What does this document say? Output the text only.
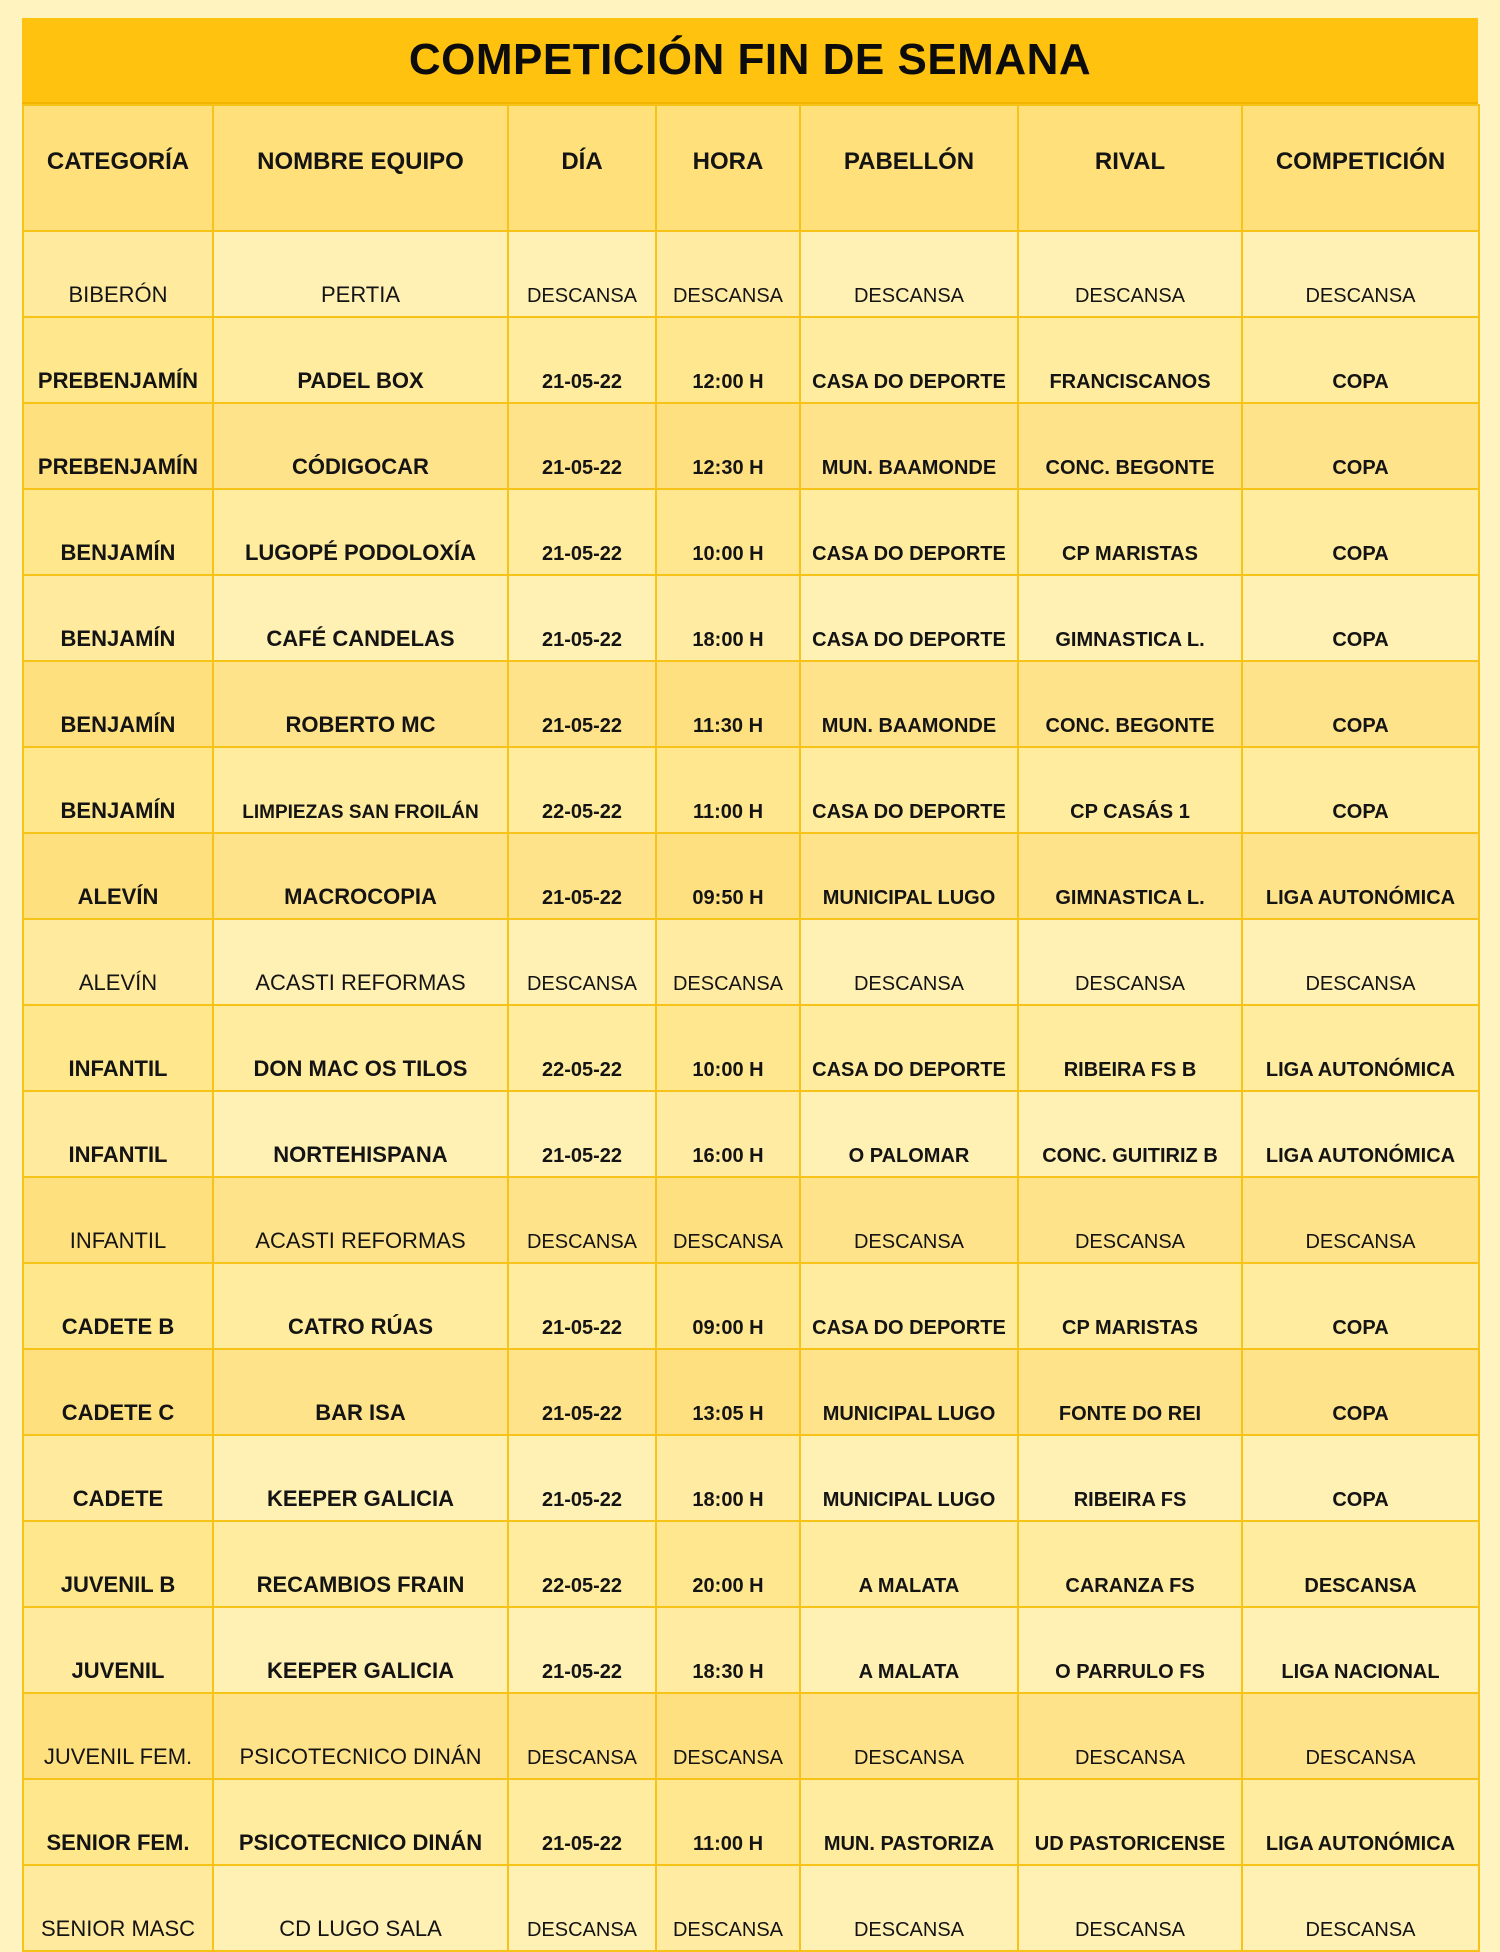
COMPETICIÓN FIN DE SEMANA
CATEGORÍA	NOMBRE EQUIPO	DÍA	HORA	PABELLÓN	RIVAL	COMPETICIÓN
BIBERÓN	PERTIA	DESCANSA	DESCANSA	DESCANSA	DESCANSA	DESCANSA
PREBENJAMÍN	PADEL BOX	21-05-22	12:00 H	CASA DO DEPORTE	FRANCISCANOS	COPA
PREBENJAMÍN	CÓDIGOCAR	21-05-22	12:30 H	MUN. BAAMONDE	CONC. BEGONTE	COPA
BENJAMÍN	LUGOPÉ PODOLOXÍA	21-05-22	10:00 H	CASA DO DEPORTE	CP MARISTAS	COPA
BENJAMÍN	CAFÉ CANDELAS	21-05-22	18:00 H	CASA DO DEPORTE	GIMNASTICA L.	COPA
BENJAMÍN	ROBERTO MC	21-05-22	11:30 H	MUN. BAAMONDE	CONC. BEGONTE	COPA
BENJAMÍN	LIMPIEZAS SAN FROILÁN	22-05-22	11:00 H	CASA DO DEPORTE	CP CASÁS 1	COPA
ALEVÍN	MACROCOPIA	21-05-22	09:50 H	MUNICIPAL LUGO	GIMNASTICA L.	LIGA AUTONÓMICA
ALEVÍN	ACASTI REFORMAS	DESCANSA	DESCANSA	DESCANSA	DESCANSA	DESCANSA
INFANTIL	DON MAC OS TILOS	22-05-22	10:00 H	CASA DO DEPORTE	RIBEIRA FS B	LIGA AUTONÓMICA
INFANTIL	NORTEHISPANA	21-05-22	16:00 H	O PALOMAR	CONC. GUITIRIZ B	LIGA AUTONÓMICA
INFANTIL	ACASTI REFORMAS	DESCANSA	DESCANSA	DESCANSA	DESCANSA	DESCANSA
CADETE B	CATRO RÚAS	21-05-22	09:00 H	CASA DO DEPORTE	CP MARISTAS	COPA
CADETE C	BAR ISA	21-05-22	13:05 H	MUNICIPAL LUGO	FONTE DO REI	COPA
CADETE	KEEPER GALICIA	21-05-22	18:00 H	MUNICIPAL LUGO	RIBEIRA FS	COPA
JUVENIL B	RECAMBIOS FRAIN	22-05-22	20:00 H	A MALATA	CARANZA FS	DESCANSA
JUVENIL	KEEPER GALICIA	21-05-22	18:30 H	A MALATA	O PARRULO FS	LIGA NACIONAL
JUVENIL FEM.	PSICOTECNICO DINÁN	DESCANSA	DESCANSA	DESCANSA	DESCANSA	DESCANSA
SENIOR FEM.	PSICOTECNICO DINÁN	21-05-22	11:00 H	MUN. PASTORIZA	UD PASTORICENSE	LIGA AUTONÓMICA
SENIOR MASC	CD LUGO SALA	DESCANSA	DESCANSA	DESCANSA	DESCANSA	DESCANSA
